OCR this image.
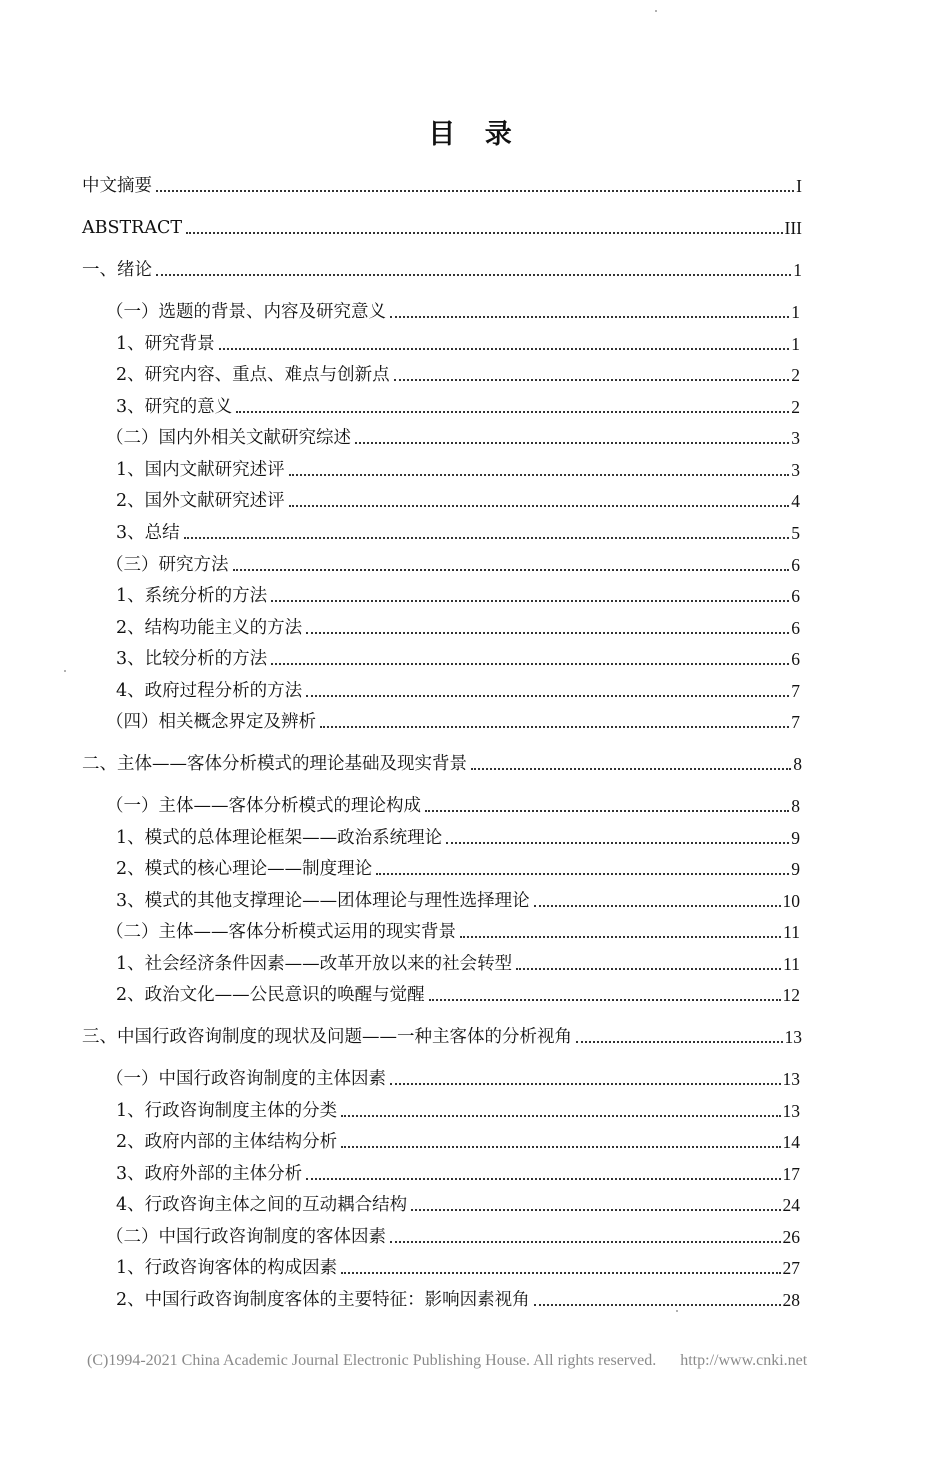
目 录
中文摘要	I
ABSTRACT	III
一、绪论	1
（一）选题的背景、内容及研究意义	1
1、研究背景	1
2、研究内容、重点、难点与创新点	2
3、研究的意义	2
（二）国内外相关文献研究综述	3
1、国内文献研究述评	3
2、国外文献研究述评	4
3、总结	5
（三）研究方法	6
1、系统分析的方法	6
2、结构功能主义的方法	6
3、比较分析的方法	6
4、政府过程分析的方法	7
（四）相关概念界定及辨析	7
二、主体——客体分析模式的理论基础及现实背景	8
（一）主体——客体分析模式的理论构成	8
1、模式的总体理论框架——政治系统理论	9
2、模式的核心理论——制度理论	9
3、模式的其他支撑理论——团体理论与理性选择理论	10
（二）主体——客体分析模式运用的现实背景	11
1、社会经济条件因素——改革开放以来的社会转型	11
2、政治文化——公民意识的唤醒与觉醒	12
三、中国行政咨询制度的现状及问题——一种主客体的分析视角	13
（一）中国行政咨询制度的主体因素	13
1、行政咨询制度主体的分类	13
2、政府内部的主体结构分析	14
3、政府外部的主体分析	17
4、行政咨询主体之间的互动耦合结构	24
（二）中国行政咨询制度的客体因素	26
1、行政咨询客体的构成因素	27
2、中国行政咨询制度客体的主要特征：影响因素视角	28
(C)1994-2021 China Academic Journal Electronic Publishing House. All rights reserved. http://www.cnki.net
